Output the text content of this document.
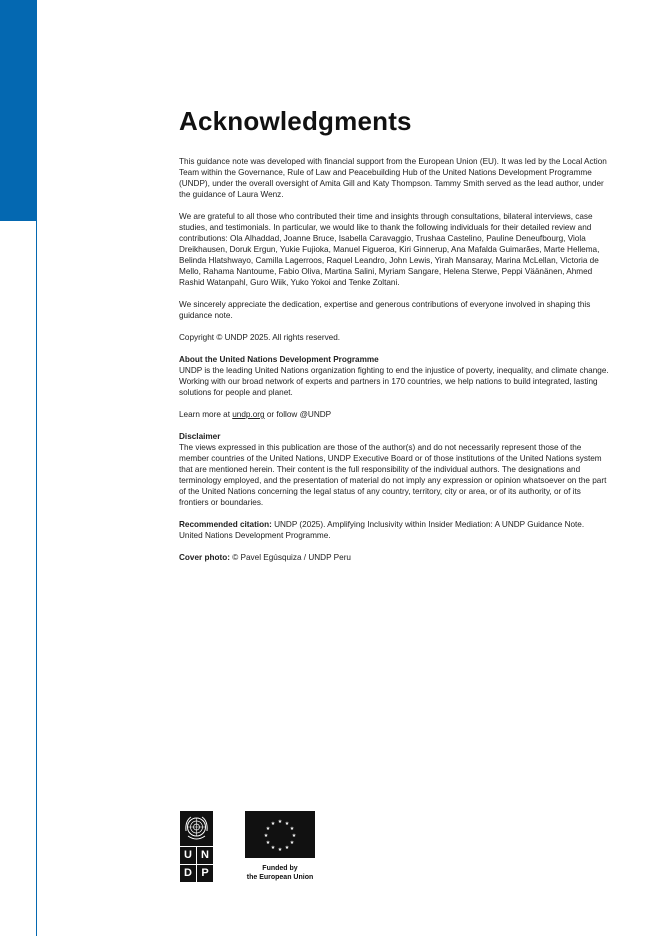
Acknowledgments

This guidance note was developed with financial support from the European Union (EU). It was led by the Local Action Team within the Governance, Rule of Law and Peacebuilding Hub of the United Nations Development Programme (UNDP), under the overall oversight of Amita Gill and Katy Thompson. Tammy Smith served as the lead author, under the guidance of Laura Wenz.

We are grateful to all those who contributed their time and insights through consultations, bilateral interviews, case studies, and testimonials. In particular, we would like to thank the following individuals for their detailed review and contributions: Ola Alhaddad, Joanne Bruce, Isabella Caravaggio, Trushaa Castelino, Pauline Deneufbourg, Viola Dreikhausen, Doruk Ergun, Yukie Fujioka, Manuel Figueroa, Kiri Ginnerup, Ana Mafalda Guimarães, Marte Hellema, Belinda Hlatshwayo, Camilla Lagerroos, Raquel Leandro, John Lewis, Yirah Mansaray, Marina McLellan, Victoria de Mello, Rahama Nantoume, Fabio Oliva, Martina Salini, Myriam Sangare, Helena Sterwe, Peppi Väänänen, Ahmed Rashid Watanpahl, Guro Wiik, Yuko Yokoi and Tenke Zoltani.

We sincerely appreciate the dedication, expertise and generous contributions of everyone involved in shaping this guidance note.

Copyright © UNDP 2025. All rights reserved.

About the United Nations Development Programme
UNDP is the leading United Nations organization fighting to end the injustice of poverty, inequality, and climate change. Working with our broad network of experts and partners in 170 countries, we help nations to build integrated, lasting solutions for people and planet.

Learn more at undp.org or follow @UNDP

Disclaimer
The views expressed in this publication are those of the author(s) and do not necessarily represent those of the member countries of the United Nations, UNDP Executive Board or of those institutions of the United Nations system that are mentioned herein. Their content is the full responsibility of the individual authors. The designations and terminology employed, and the presentation of material do not imply any expression or opinion whatsoever on the part of the United Nations concerning the legal status of any country, territory, city or area, or of its authority, or of its frontiers or boundaries.

Recommended citation: UNDP (2025). Amplifying Inclusivity within Insider Mediation: A UNDP Guidance Note. United Nations Development Programme.

Cover photo: © Pavel Egúsquiza / UNDP Peru

U N
D P
★ ★
★
★
★
★
★
★
★
★
★
★
Funded by
the European Union
